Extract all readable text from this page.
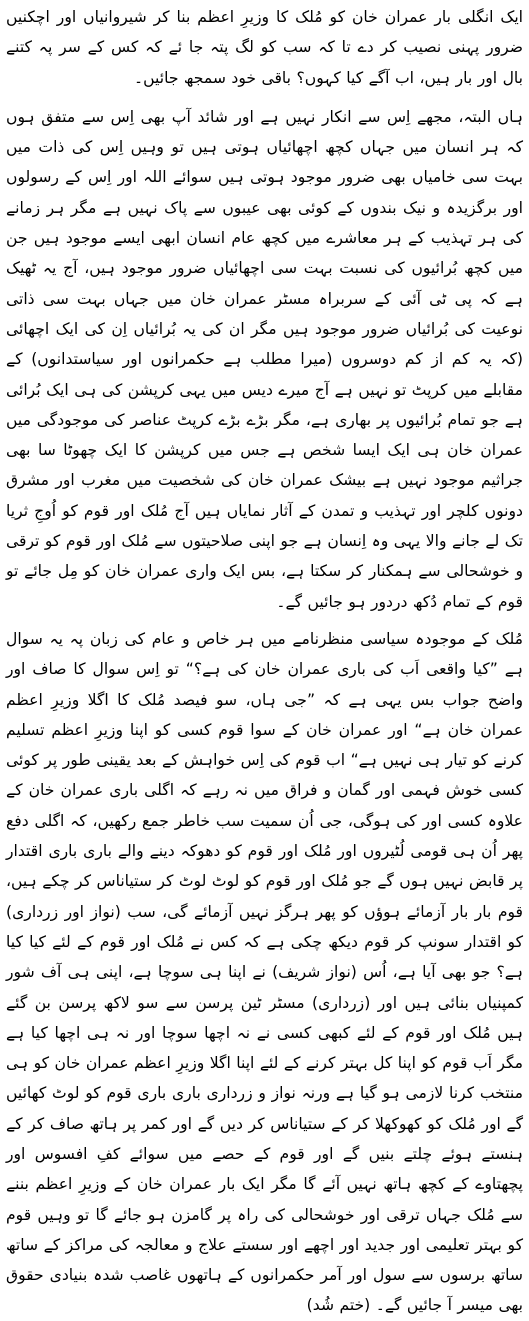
ایک انگلی بار عمران خان کو مُلک کا وزیرِ اعظم بنا کر شیروانیاں اور اچکنیں ضرور پہنی نصیب کر دے تا کہ سب کو لگ پتہ جا ئے کہ کس کے سر پہ کتنے بال اور بار ہیں، اب آگے کیا کہوں؟ باقی خود سمجھ جائیں۔

ہاں البتہ، مجھے اِس سے انکار نہیں ہے اور شائد آپ بھی اِس سے متفق ہوں کہ ہر انسان میں جہاں کچھ اچھائیاں ہوتی ہیں تو وہیں اِس کی ذات میں بہت سی خامیاں بھی ضرور موجود ہوتی ہیں سوائے اللہ اور اِس کے رسولوں اور برگزیدہ و نیک بندوں کے کوئی بھی عیبوں سے پاک نہیں ہے مگر ہر زمانے کی ہر تہذیب کے ہر معاشرے میں کچھ عام انسان ابھی ایسے موجود ہیں جن میں کچھ بُرائیوں کی نسبت بہت سی اچھائیاں ضرور موجود ہیں، آج یہ ٹھیک ہے کہ پی ٹی آئی کے سربراہ مسٹر عمران خان میں جہاں بہت سی ذاتی نوعیت کی بُرائیاں ضرور موجود ہیں مگر ان کی یہ بُرائیاں اِن کی ایک اچھائی (کہ یہ کم از کم دوسروں (میرا مطلب ہے حکمرانوں اور سیاستدانوں) کے مقابلے میں کرپٹ تو نہیں ہے آج میرے دیس میں یہی کرپشن کی ہی ایک بُرائی ہے جو تمام بُرائیوں پر بھاری ہے، مگر بڑے بڑے کرپٹ عناصر کی موجودگی میں عمران خان ہی ایک ایسا شخص ہے جس میں کرپشن کا ایک چھوٹا سا بھی جراثیم موجود نہیں ہے بیشک عمران خان کی شخصیت میں مغرب اور مشرق دونوں کلچر اور تہذیب و تمدن کے آثار نمایاں ہیں آج مُلک اور قوم کو اُوجِ ثریا تک لے جانے والا یہی وہ اِنسان ہے جو اپنی صلاحیتوں سے مُلک اور قوم کو ترقی و خوشحالی سے ہمکنار کر سکتا ہے، بس ایک واری عمران خان کو مِل جائے تو قوم کے تمام دُکھ دردور ہو جائیں گے۔

مُلک کے موجودہ سیاسی منظرنامے میں ہر خاص و عام کی زبان پہ یہ سوال ہے ”کیا واقعی اَب کی باری عمران خان کی ہے؟“ تو اِس سوال کا صاف اور واضح جواب بس یہی ہے کہ ”جی ہاں، سو فیصد مُلک کا اگلا وزیرِ اعظم عمران خان ہے“ اور عمران خان کے سوا قوم کسی کو اپنا وزیرِ اعظم تسلیم کرنے کو تیار ہی نہیں ہے“ اب قوم کی اِس خواہش کے بعد یقینی طور پر کوئی کسی خوش فہمی اور گمان و فراق میں نہ رہے کہ اگلی باری عمران خان کے علاوہ کسی اور کی ہوگی، جی اُن سمیت سب خاطر جمع رکھیں، کہ اگلی دفع پھر اُن ہی قومی لُٹیروں اور مُلک اور قوم کو دھوکہ دینے والے باری باری اقتدار پر قابض نہیں ہوں گے جو مُلک اور قوم کو لوٹ لوٹ کر ستیاناس کر چکے ہیں، قوم بار بار آزمائے ہوؤں کو پھر ہرگز نہیں آزمائے گی، سب (نواز اور زرداری) کو اقتدار سونپ کر قوم دیکھ چکی ہے کہ کس نے مُلک اور قوم کے لئے کیا کیا ہے؟ جو بھی آیا ہے، اُس (نواز شریف) نے اپنا ہی سوچا ہے، اپنی ہی آف شور کمپنیاں بنائی ہیں اور (زرداری) مسٹر ٹین پرسن سے سو لاکھ پرسن بن گئے ہیں مُلک اور قوم کے لئے کبھی کسی نے نہ اچھا سوچا اور نہ ہی اچھا کیا ہے مگر اَب قوم کو اپنا کل بہتر کرنے کے لئے اپنا اگلا وزیرِ اعظم عمران خان کو ہی منتخب کرنا لازمی ہو گیا ہے ورنہ نواز و زرداری باری باری قوم کو لوٹ کھائیں گے اور مُلک کو کھوکھلا کر کے ستیاناس کر دیں گے اور کمر پر ہاتھ صاف کر کے ہنستے ہوئے چلتے بنیں گے اور قوم کے حصے میں سوائے کفِ افسوس اور پچھتاوے کے کچھ ہاتھ نہیں آئے گا مگر ایک بار عمران خان کے وزیرِ اعظم بننے سے مُلک جہاں ترقی اور خوشحالی کی راہ پر گامزن ہو جائے گا تو وہیں قوم کو بہتر تعلیمی اور جدید اور اچھے اور سستے علاج و معالجہ کی مراکز کے ساتھ ساتھ برسوں سے سول اور آمر حکمرانوں کے ہاتھوں غاصب شدہ بنیادی حقوق بھی میسر آ جائیں گے۔ (ختم شُد)
